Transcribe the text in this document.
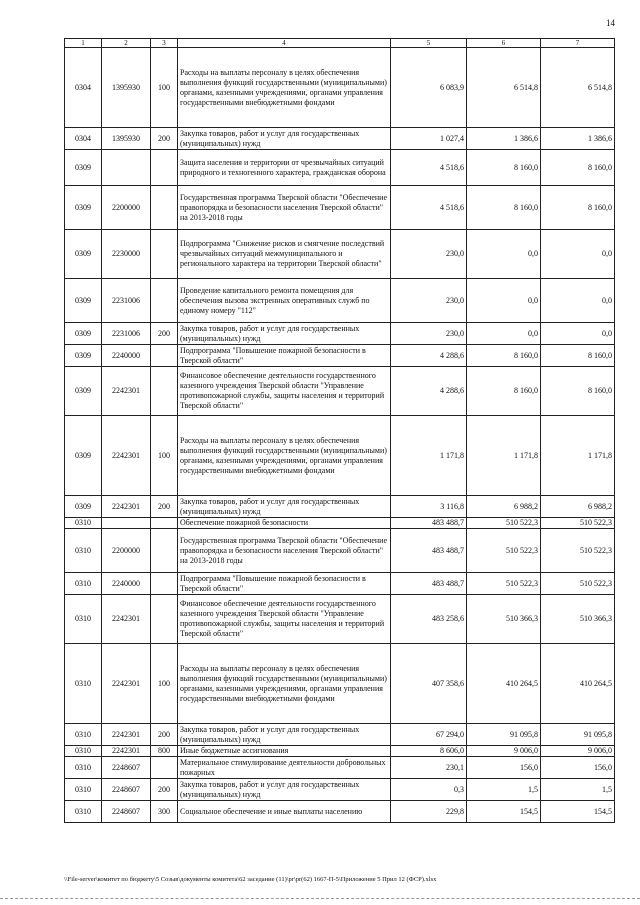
14
1	2	3	4	5	6	7
0304	1395930	100	Расходы на выплаты персоналу в целях обеспечения выполнения функций государственными (муниципальными) органами, казенными учреждениями, органами управления государственными внебюджетными фондами	6 083,9	6 514,8	6 514,8
0304	1395930	200	Закупка товаров, работ и услуг для государственных (муниципальных) нужд	1 027,4	1 386,6	1 386,6
0309			Защита населения и территории от чрезвычайных ситуаций природного и техногенного характера, гражданская оборона	4 518,6	8 160,0	8 160,0
0309	2200000		Государственная программа Тверской области "Обеспечение правопорядка и безопасности населения Тверской области" на 2013-2018 годы	4 518,6	8 160,0	8 160,0
0309	2230000		Подпрограмма "Снижение рисков и смягчение последствий чрезвычайных ситуаций межмуниципального и регионального характера на территории Тверской области"	230,0	0,0	0,0
0309	2231006		Проведение капитального ремонта помещения для обеспечения вызова экстренных оперативных служб по единому номеру "112"	230,0	0,0	0,0
0309	2231006	200	Закупка товаров, работ и услуг для государственных (муниципальных) нужд	230,0	0,0	0,0
0309	2240000		Подпрограмма "Повышение пожарной безопасности в Тверской области"	4 288,6	8 160,0	8 160,0
0309	2242301		Финансовое обеспечение деятельности государственного казенного учреждения Тверской области "Управление противопожарной службы, защиты населения и территорий Тверской области"	4 288,6	8 160,0	8 160,0
0309	2242301	100	Расходы на выплаты персоналу в целях обеспечения выполнения функций государственными (муниципальными) органами, казенными учреждениями, органами управления государственными внебюджетными фондами	1 171,8	1 171,8	1 171,8
0309	2242301	200	Закупка товаров, работ и услуг для государственных (муниципальных) нужд	3 116,8	6 988,2	6 988,2
0310			Обеспечение пожарной безопасности	483 488,7	510 522,3	510 522,3
0310	2200000		Государственная программа Тверской области "Обеспечение правопорядка и безопасности населения Тверской области" на 2013-2018 годы	483 488,7	510 522,3	510 522,3
0310	2240000		Подпрограмма "Повышение пожарной безопасности в Тверской области"	483 488,7	510 522,3	510 522,3
0310	2242301		Финансовое обеспечение деятельности государственного казенного учреждения Тверской области "Управление противопожарной службы, защиты населения и территорий Тверской области"	483 258,6	510 366,3	510 366,3
0310	2242301	100	Расходы на выплаты персоналу в целях обеспечения выполнения функций государственными (муниципальными) органами, казенными учреждениями, органами управления государственными внебюджетными фондами	407 358,6	410 264,5	410 264,5
0310	2242301	200	Закупка товаров, работ и услуг для государственных (муниципальных) нужд	67 294,0	91 095,8	91 095,8
0310	2242301	800	Иные бюджетные ассигнования	8 606,0	9 006,0	9 006,0
0310	2248607		Материальное стимулирование деятельности добровольных пожарных	230,1	156,0	156,0
0310	2248607	200	Закупка товаров, работ и услуг для государственных (муниципальных) нужд	0,3	1,5	1,5
0310	2248607	300	Социальное обеспечение и иные выплаты населению	229,8	154,5	154,5
\\File-server\комитет по бюджету\5 Созыв\документы комитета\62 заседание (11)\pr\pr(62) 1667-П-5\Приложение 5 Прил 12 (ФСР).xlsx
